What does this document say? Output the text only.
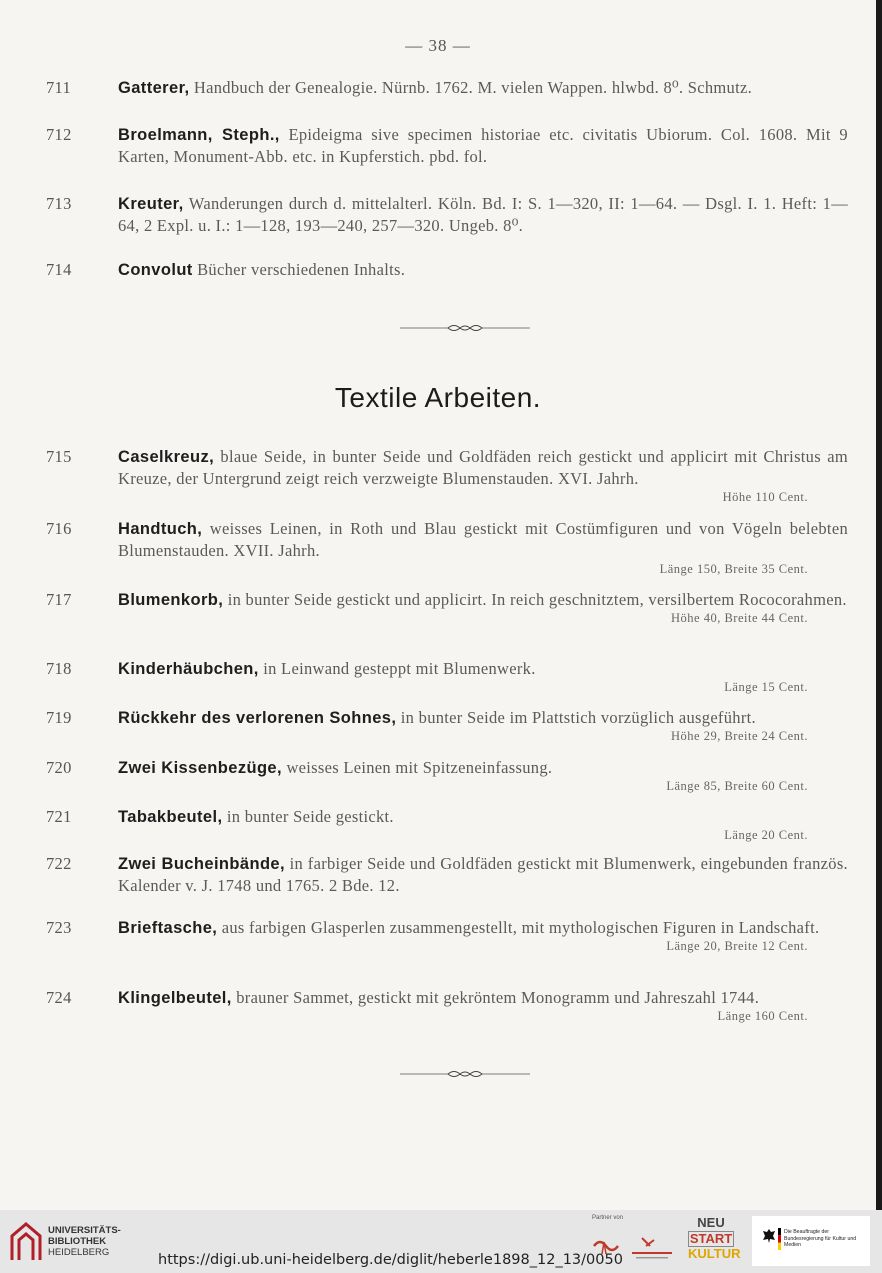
— 38 —
711	Gatterer, Handbuch der Genealogie. Nürnb. 1762. M. vielen Wappen. hlwbd. 8⁰. Schmutz.
712	Broelmann, Steph., Epideigma sive specimen historiae etc. civitatis Ubiorum. Col. 1608. Mit 9 Karten, Monument-Abb. etc. in Kupferstich. pbd. fol.
713	Kreuter, Wanderungen durch d. mittelalterl. Köln. Bd. I: S. 1—320, II: 1—64. — Dsgl. I. 1. Heft: 1—64, 2 Expl. u. I.: 1—128, 193—240, 257—320. Ungeb. 8⁰.
714	Convolut Bücher verschiedenen Inhalts.
Textile Arbeiten.
715	Caselkreuz, blaue Seide, in bunter Seide und Goldfäden reich gestickt und applicirt mit Christus am Kreuze, der Untergrund zeigt reich verzweigte Blumenstauden. XVI. Jahrh.
Höhe 110 Cent.
716	Handtuch, weisses Leinen, in Roth und Blau gestickt mit Costümfiguren und von Vögeln belebten Blumenstauden. XVII. Jahrh.
Länge 150, Breite 35 Cent.
717	Blumenkorb, in bunter Seide gestickt und applicirt. In reich geschnitztem, versilbertem Rococorahmen.
Höhe 40, Breite 44 Cent.
718	Kinderhäubchen, in Leinwand gesteppt mit Blumenwerk.
Länge 15 Cent.
719	Rückkehr des verlorenen Sohnes, in bunter Seide im Plattstich vorzüglich ausgeführt.
Höhe 29, Breite 24 Cent.
720	Zwei Kissenbezüge, weisses Leinen mit Spitzeneinfassung.
Länge 85, Breite 60 Cent.
721	Tabakbeutel, in bunter Seide gestickt.
Länge 20 Cent.
722	Zwei Bucheinbände, in farbiger Seide und Goldfäden gestickt mit Blumenwerk, eingebunden französ. Kalender v. J. 1748 und 1765. 2 Bde. 12.
723	Brieftasche, aus farbigen Glasperlen zusammengestellt, mit mythologischen Figuren in Landschaft.
Länge 20, Breite 12 Cent.
724	Klingelbeutel, brauner Sammet, gestickt mit gekröntem Monogramm und Jahreszahl 1744.
Länge 160 Cent.
UNIVERSITÄTS-
BIBLIOTHEK
HEIDELBERG	https://digi.ub.uni-heidelberg.de/diglit/heberle1898_12_13/0050
Partner von	NEU
START
KULTUR
Die Beauftragte der Bundesregierung für Kultur und Medien
